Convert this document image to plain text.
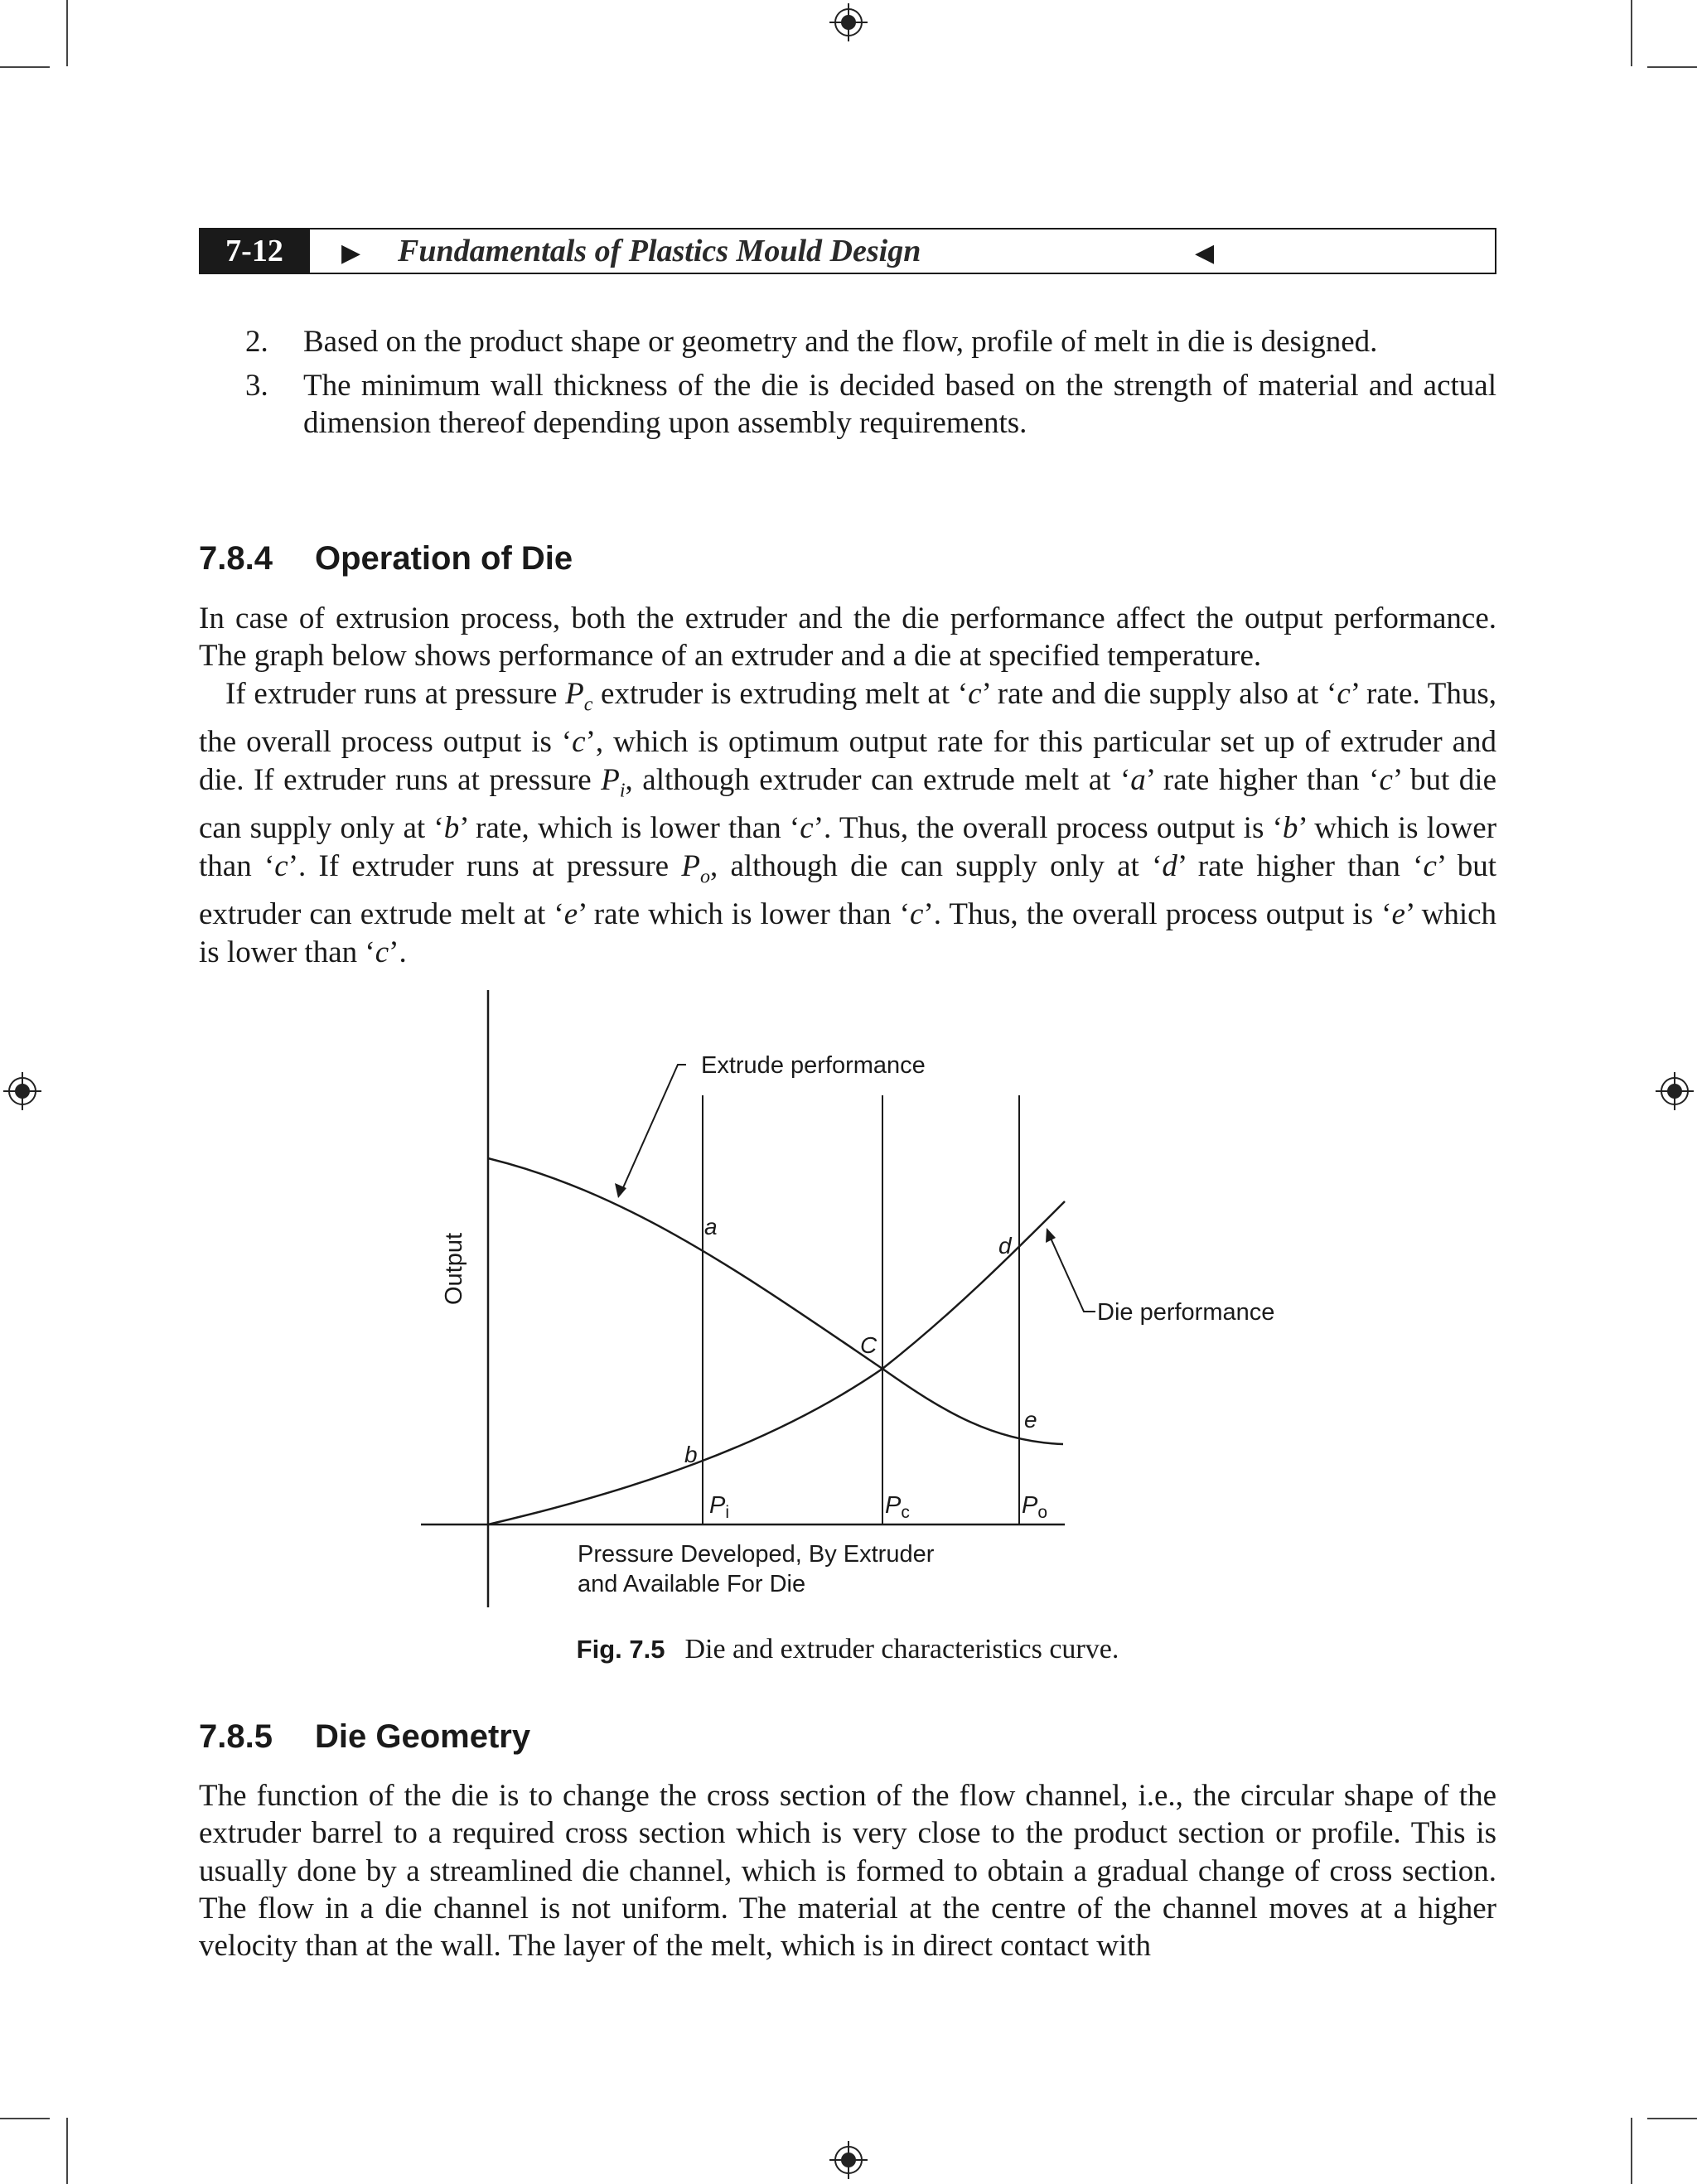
7-12	▶ Fundamentals of Plastics Mould Design	◀
2. Based on the product shape or geometry and the flow, profile of melt in die is designed.
3. The minimum wall thickness of the die is decided based on the strength of material and actual dimension thereof depending upon assembly requirements.
7.8.4 Operation of Die

In case of extrusion process, both the extruder and the die performance affect the output performance. The graph below shows performance of an extruder and a die at specified temperature.

If extruder runs at pressure $P_c$ extruder is extruding melt at ‘c’ rate and die supply also at ‘c’ rate. Thus, the overall process output is ‘c’, which is optimum output rate for this particular set up of extruder and die. If extruder runs at pressure $P_i$, although extruder can extrude melt at ‘a’ rate higher than ‘c’ but die can supply only at ‘b’ rate, which is lower than ‘c’. Thus, the overall process output is ‘b’ which is lower than ‘c’. If extruder runs at pressure $P_o$, although die can supply only at ‘d’ rate higher than ‘c’ but extruder can extrude melt at ‘e’ rate which is lower than ‘c’. Thus, the overall process output is ‘e’ which is lower than ‘c’.

Extrude performance
Die performance
Output
a
b
C
d
e
$P_i$	$P_c$	$P_o$
Pressure Developed, By Extruder
and Available For Die
Fig. 7.5 Die and extruder characteristics curve.
7.8.5 Die Geometry

The function of the die is to change the cross section of the flow channel, i.e., the circular shape of the extruder barrel to a required cross section which is very close to the product section or profile. This is usually done by a streamlined die channel, which is formed to obtain a gradual change of cross section. The flow in a die channel is not uniform. The material at the centre of the channel moves at a higher velocity than at the wall. The layer of the melt, which is in direct contact with
